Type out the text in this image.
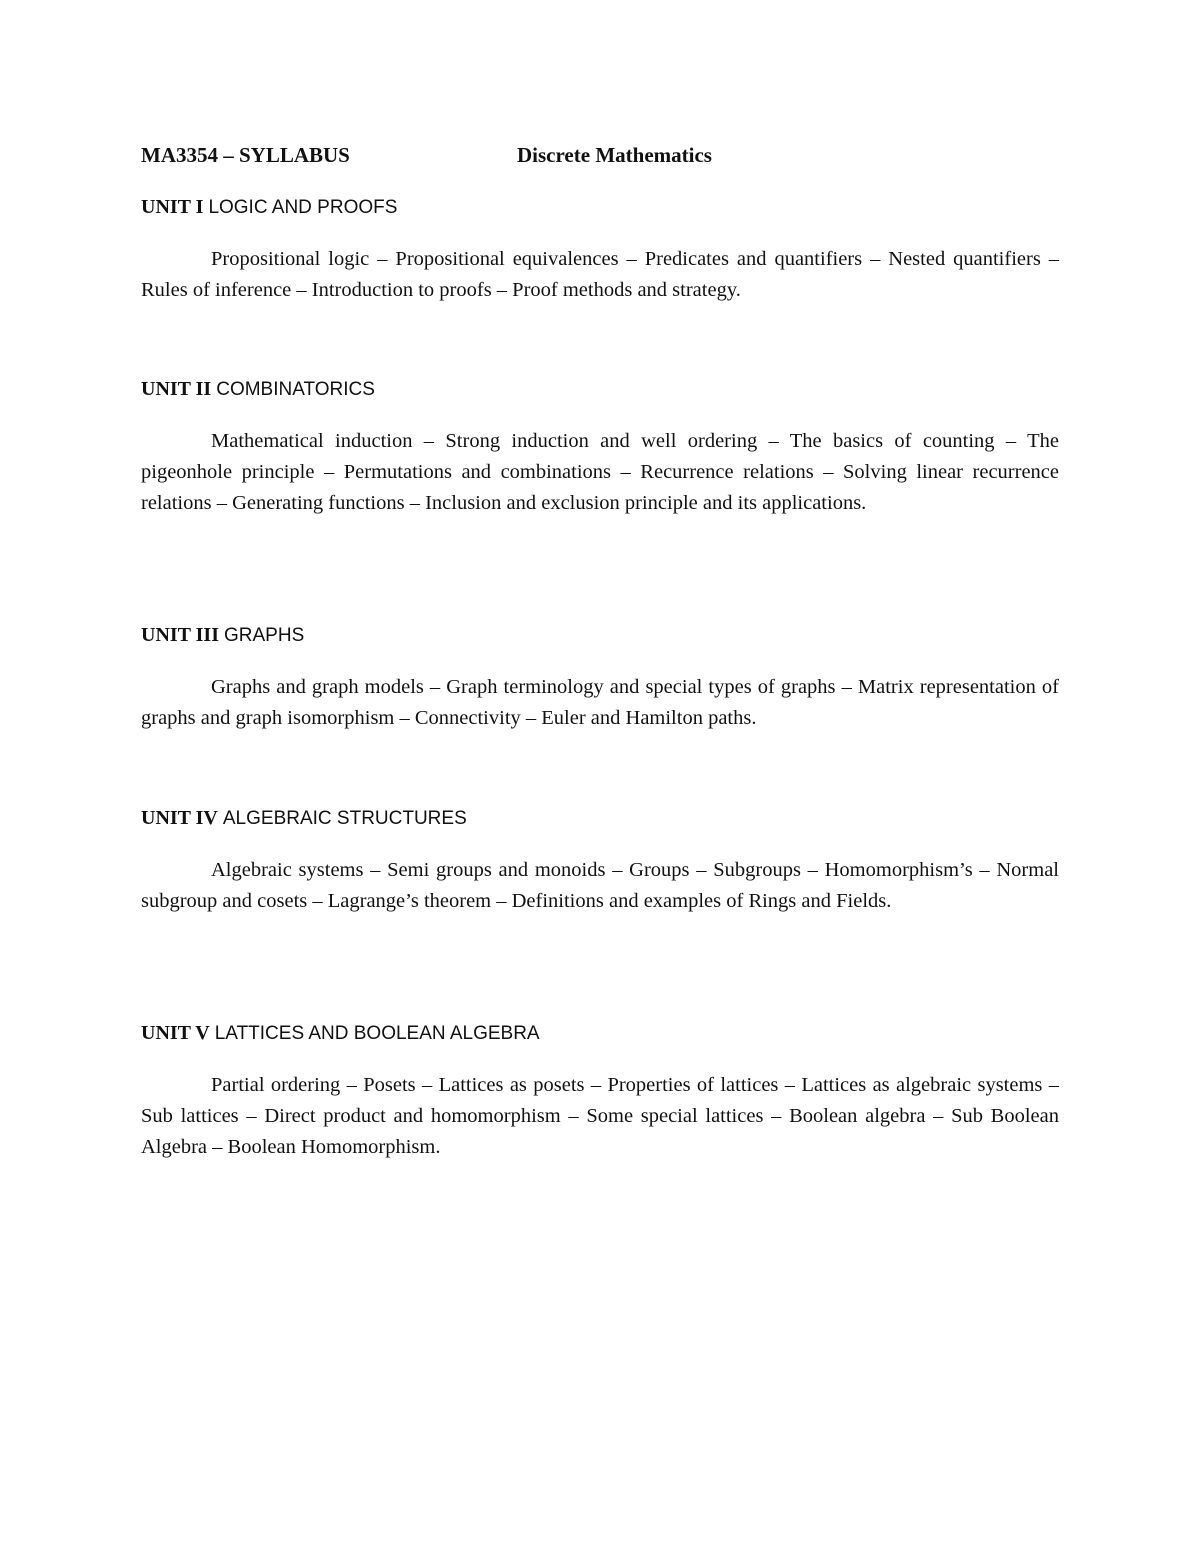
MA3354 – SYLLABUS	Discrete Mathematics

UNIT I LOGIC AND PROOFS

Propositional logic – Propositional equivalences – Predicates and quantifiers – Nested quantifiers – Rules of inference – Introduction to proofs – Proof methods and strategy.

UNIT II COMBINATORICS

Mathematical induction – Strong induction and well ordering – The basics of counting – The pigeonhole principle – Permutations and combinations – Recurrence relations – Solving linear recurrence relations – Generating functions – Inclusion and exclusion principle and its applications.

UNIT III GRAPHS

Graphs and graph models – Graph terminology and special types of graphs – Matrix representation of graphs and graph isomorphism – Connectivity – Euler and Hamilton paths.

UNIT IV ALGEBRAIC STRUCTURES

Algebraic systems – Semi groups and monoids – Groups – Subgroups – Homomorphism’s – Normal subgroup and cosets – Lagrange’s theorem – Definitions and examples of Rings and Fields.

UNIT V LATTICES AND BOOLEAN ALGEBRA

Partial ordering – Posets – Lattices as posets – Properties of lattices – Lattices as algebraic systems – Sub lattices – Direct product and homomorphism – Some special lattices – Boolean algebra – Sub Boolean Algebra – Boolean Homomorphism.
